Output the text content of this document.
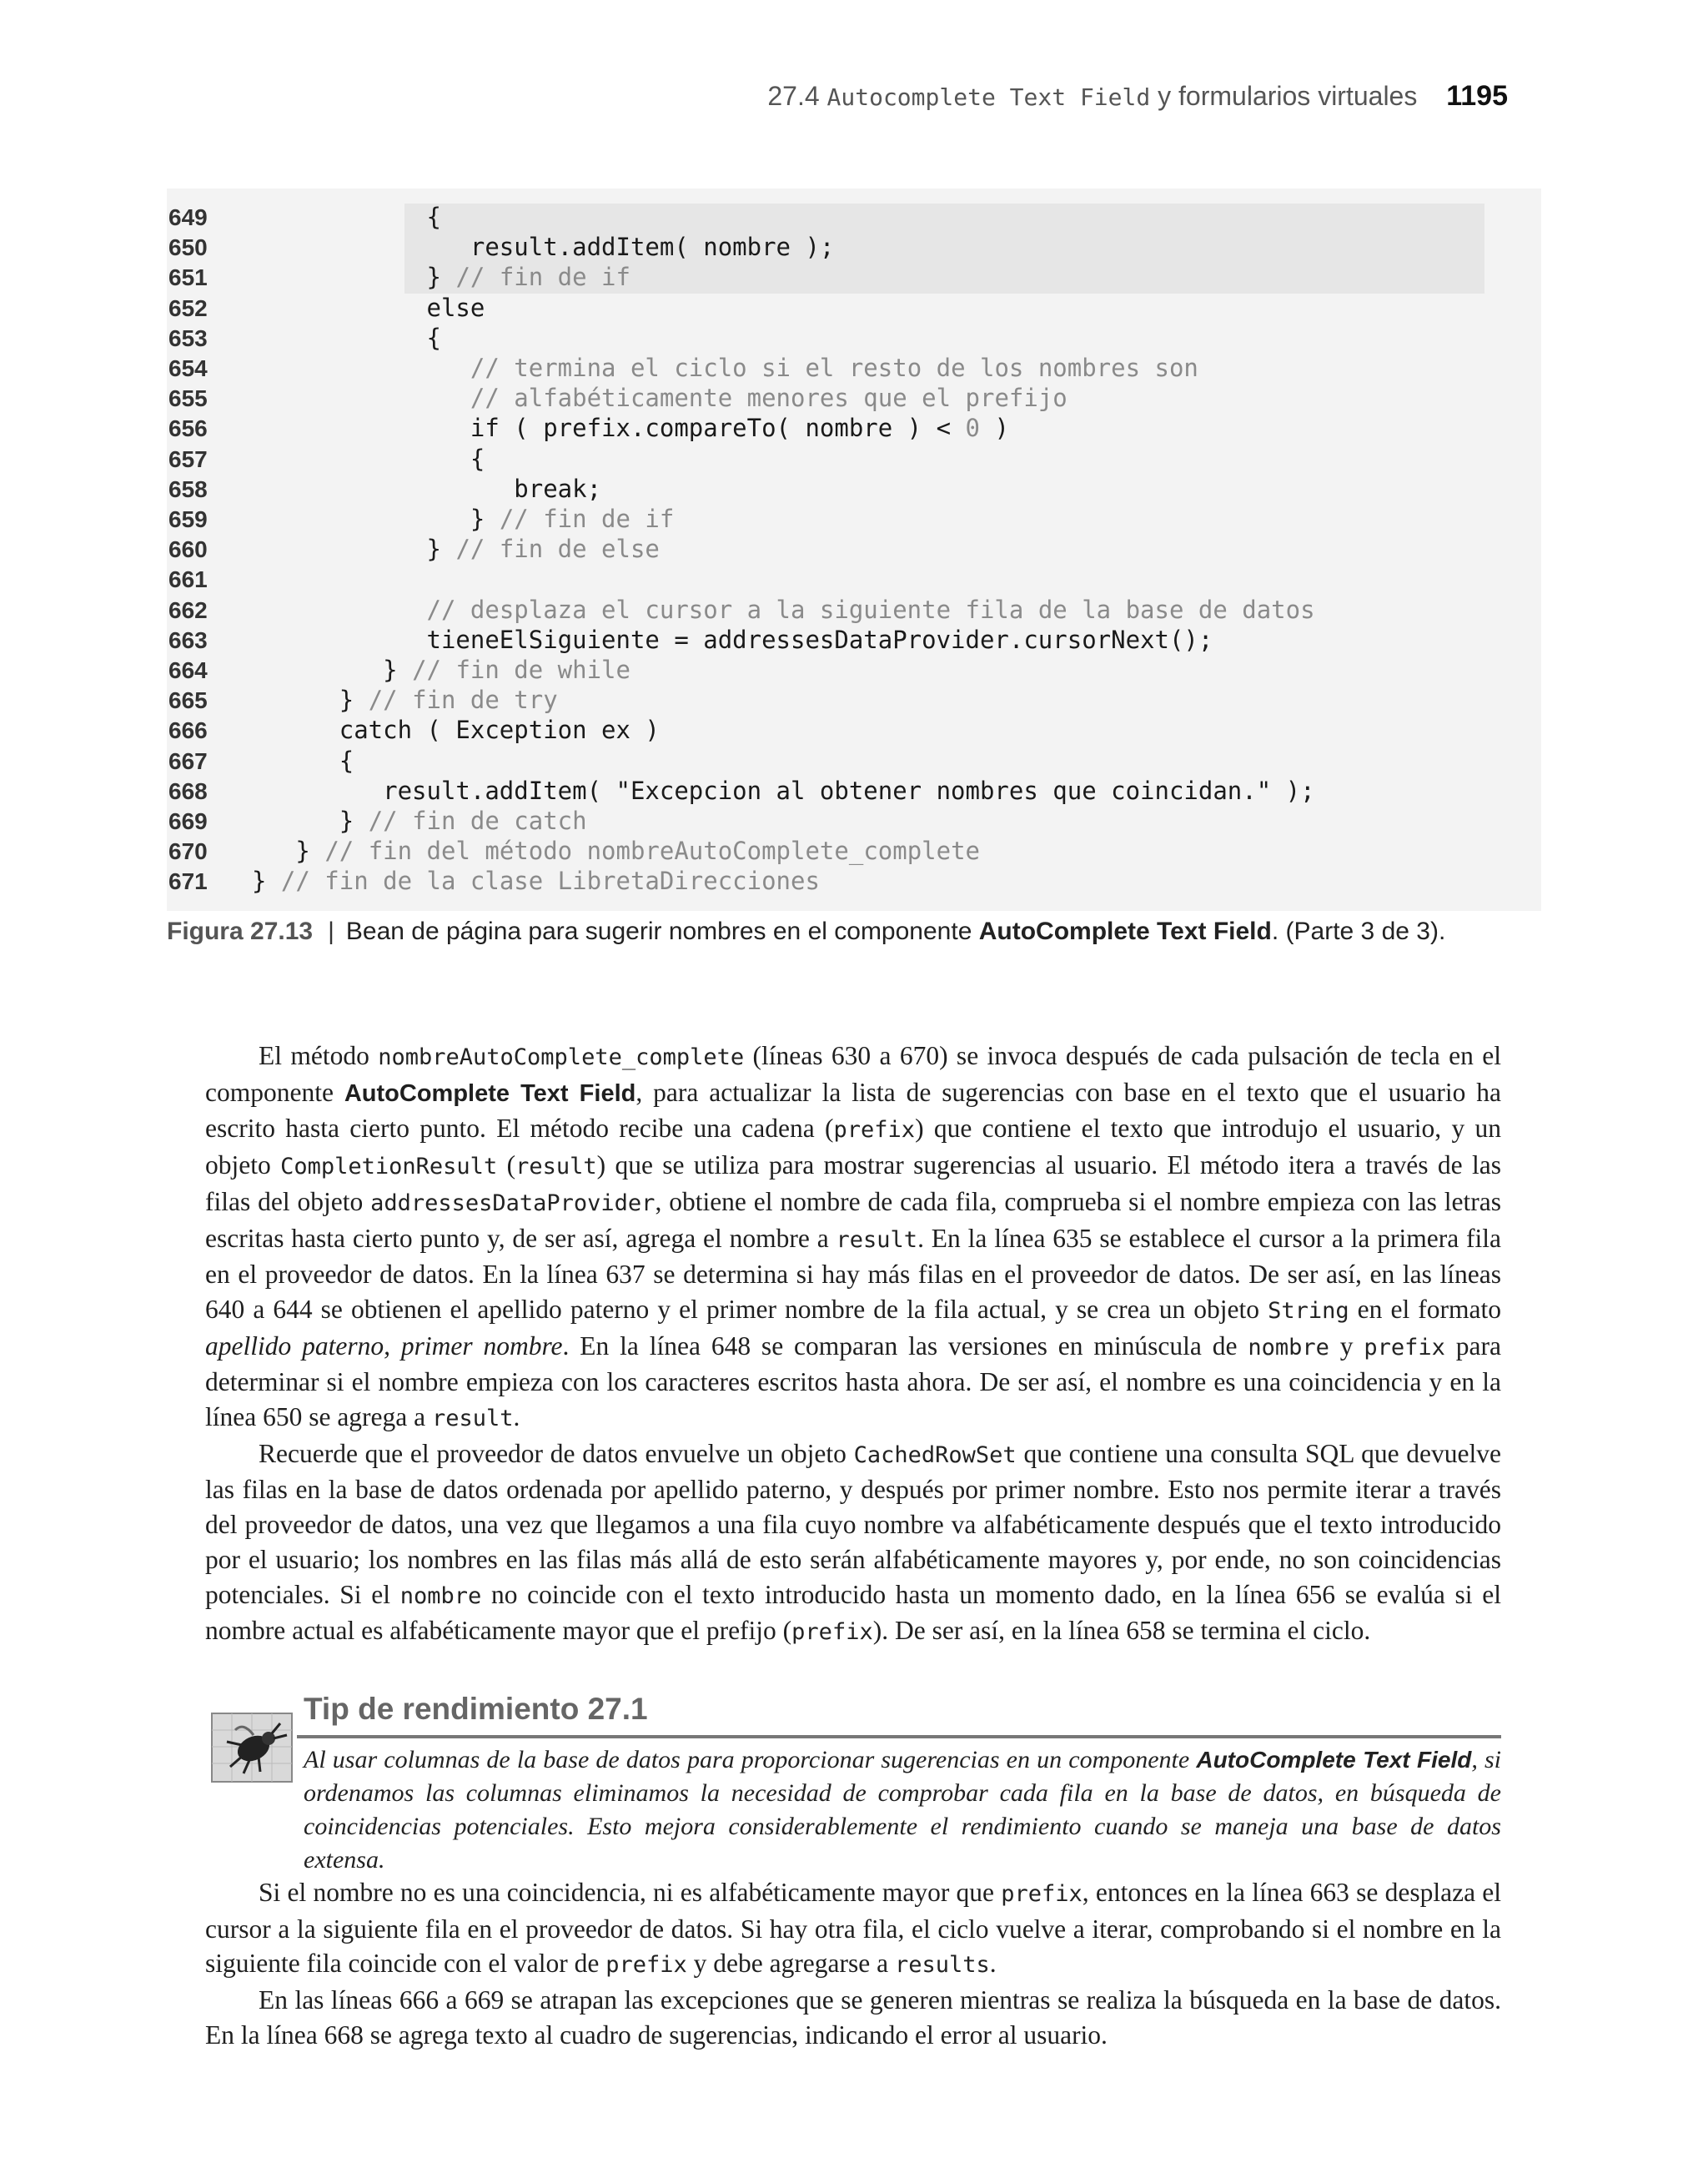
27.4 Autocomplete Text Field y formularios virtuales 1195
649            {
650               result.addItem( nombre );
651            } // fin de if
652            else
653            {
654	// termina el ciclo si el resto de los nombres son
655	// alfabéticamente menores que el prefijo
656               if ( prefix.compareTo( nombre ) < 0 )
657               {
658                  break;
659               } // fin de if
660            } // fin de else
661
662	// desplaza el cursor a la siguiente fila de la base de datos
663            tieneElSiguiente = addressesDataProvider.cursorNext();
664         } // fin de while
665      } // fin de try
666      catch ( Exception ex )
667      {
668         result.addItem( "Excepcion al obtener nombres que coincidan." );
669      } // fin de catch
670   } // fin del método nombreAutoComplete_complete
671 } // fin de la clase LibretaDirecciones
Figura 27.13 | Bean de página para sugerir nombres en el componente AutoComplete Text Field. (Parte 3 de 3).

El método nombreAutoComplete_complete (líneas 630 a 670) se invoca después de cada pulsación de tecla en el componente AutoComplete Text Field, para actualizar la lista de sugerencias con base en el texto que el usuario ha escrito hasta cierto punto. El método recibe una cadena (prefix) que contiene el texto que introdujo el usuario, y un objeto CompletionResult (result) que se utiliza para mostrar sugerencias al usuario. El método itera a través de las filas del objeto addressesDataProvider, obtiene el nombre de cada fila, comprueba si el nombre empieza con las letras escritas hasta cierto punto y, de ser así, agrega el nombre a result. En la línea 635 se establece el cursor a la primera fila en el proveedor de datos. En la línea 637 se determina si hay más filas en el proveedor de datos. De ser así, en las líneas 640 a 644 se obtienen el apellido paterno y el primer nombre de la fila actual, y se crea un objeto String en el formato apellido paterno, primer nombre. En la línea 648 se comparan las versiones en minúscula de nombre y prefix para determinar si el nombre empieza con los caracteres escritos hasta ahora. De ser así, el nombre es una coincidencia y en la línea 650 se agrega a result.

Recuerde que el proveedor de datos envuelve un objeto CachedRowSet que contiene una consulta SQL que devuelve las filas en la base de datos ordenada por apellido paterno, y después por primer nombre. Esto nos permite iterar a través del proveedor de datos, una vez que llegamos a una fila cuyo nombre va alfabéticamente después que el texto introducido por el usuario; los nombres en las filas más allá de esto serán alfabéticamente mayores y, por ende, no son coincidencias potenciales. Si el nombre no coincide con el texto introducido hasta un momento dado, en la línea 656 se evalúa si el nombre actual es alfabéticamente mayor que el prefijo (prefix). De ser así, en la línea 658 se termina el ciclo.

Tip de rendimiento 27.1
Al usar columnas de la base de datos para proporcionar sugerencias en un componente AutoComplete Text Field, si ordenamos las columnas eliminamos la necesidad de comprobar cada fila en la base de datos, en búsqueda de coincidencias potenciales. Esto mejora considerablemente el rendimiento cuando se maneja una base de datos extensa.

Si el nombre no es una coincidencia, ni es alfabéticamente mayor que prefix, entonces en la línea 663 se desplaza el cursor a la siguiente fila en el proveedor de datos. Si hay otra fila, el ciclo vuelve a iterar, comprobando si el nombre en la siguiente fila coincide con el valor de prefix y debe agregarse a results.

En las líneas 666 a 669 se atrapan las excepciones que se generen mientras se realiza la búsqueda en la base de datos. En la línea 668 se agrega texto al cuadro de sugerencias, indicando el error al usuario.
